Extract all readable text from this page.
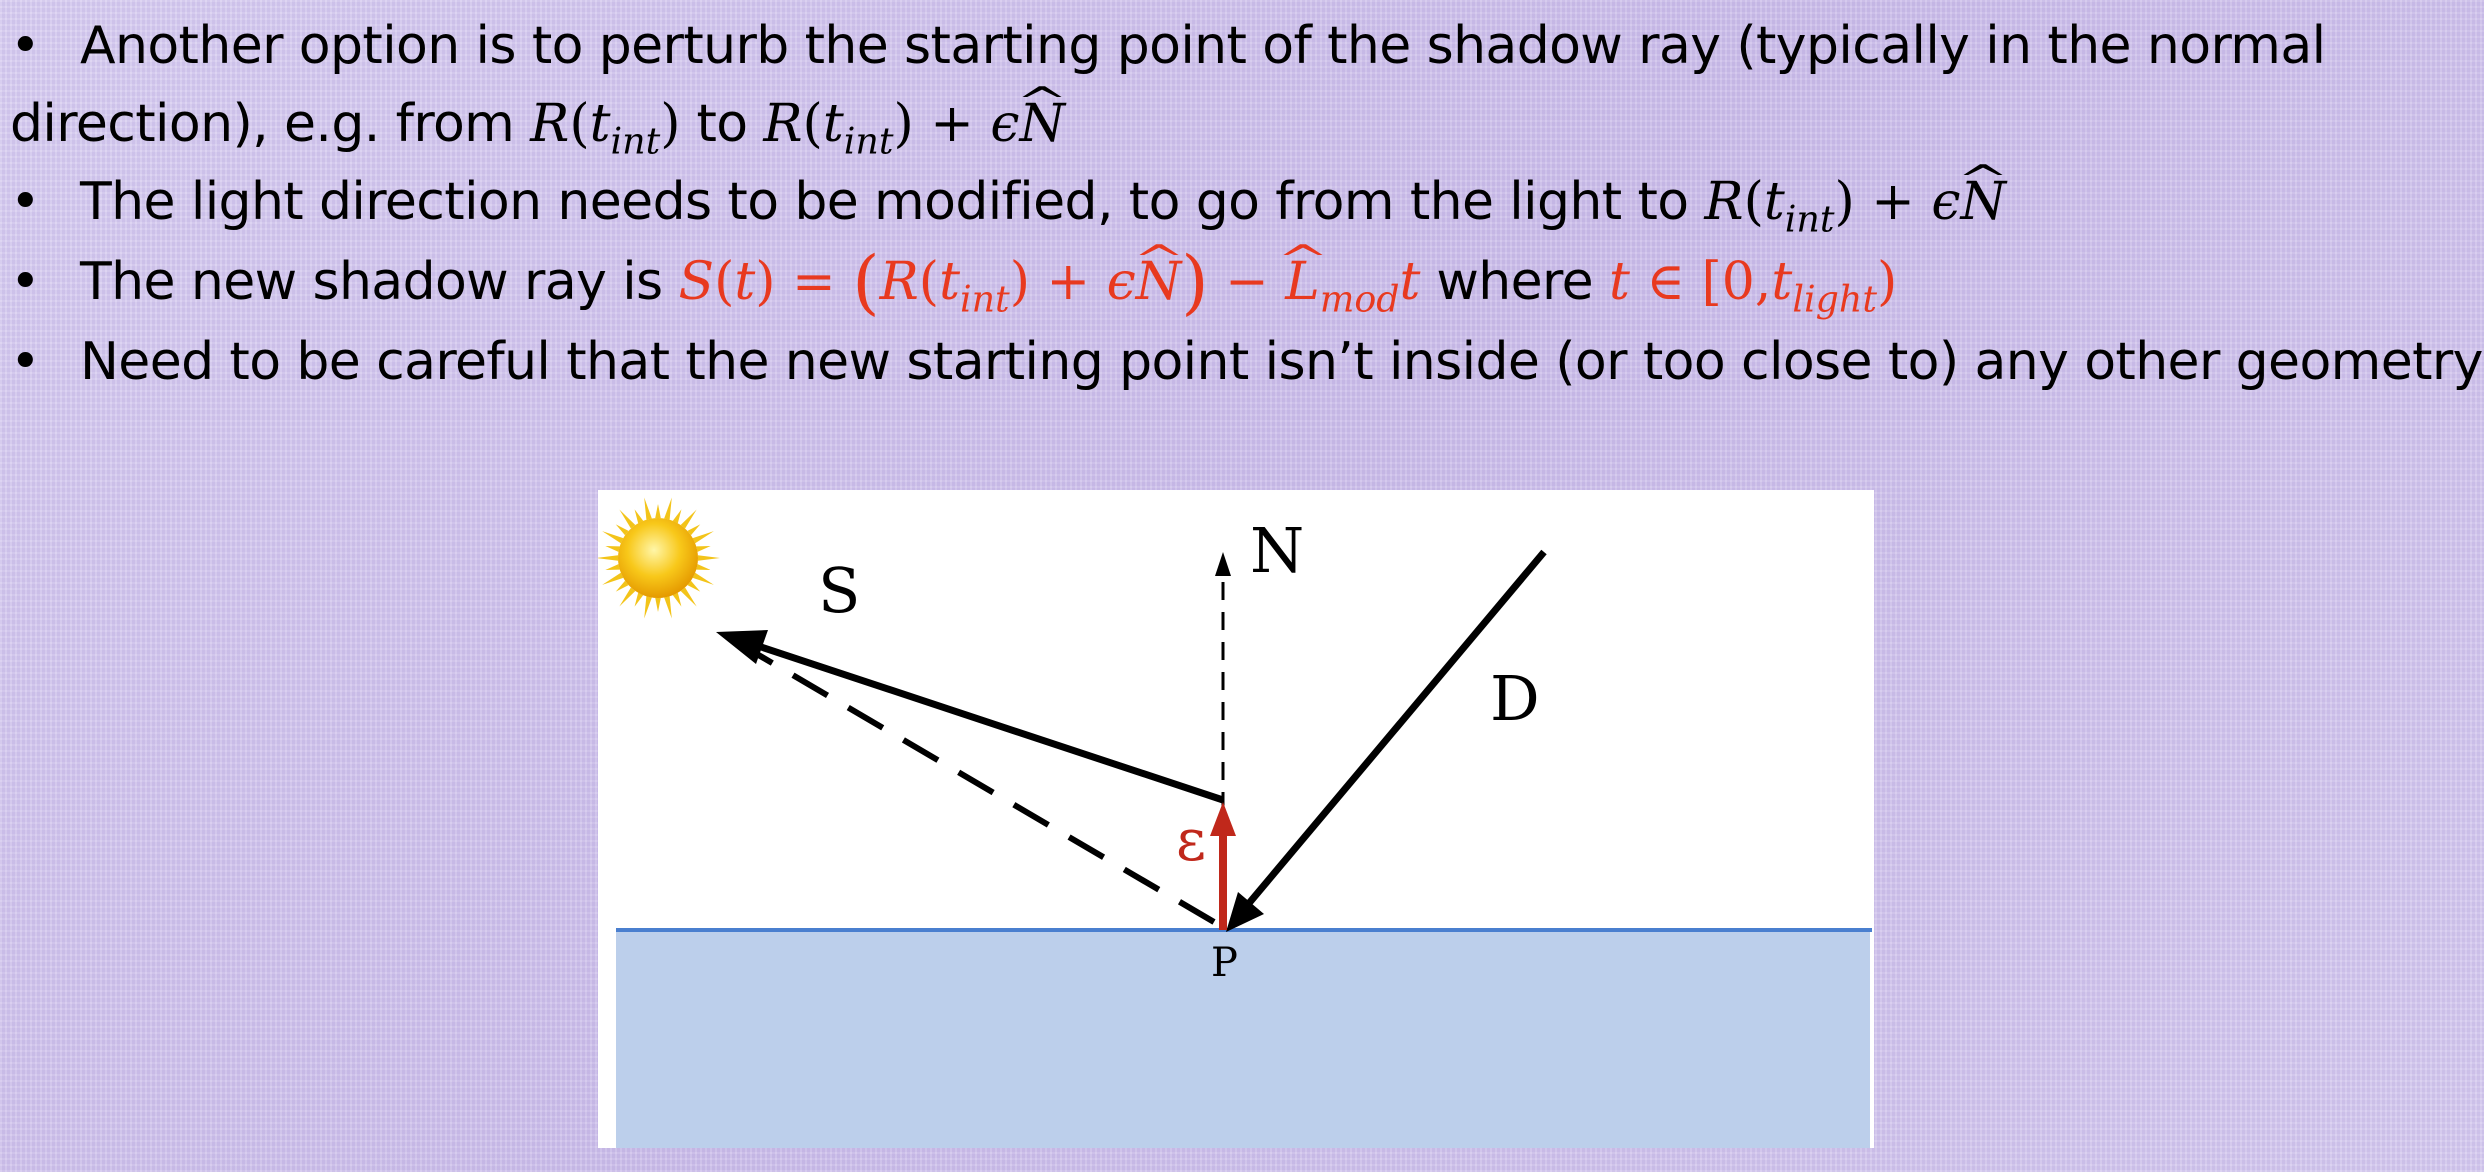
• Another option is to perturb the starting point of the shadow ray (typically in the normal
direction), e.g. from $R(t_{int})$ to $R(t_{int})$ + ϵ^ N
• The light direction needs to be modified, to go from the light to $R(t_{int})$ + ϵ^ N
• The new shadow ray is $S(t) = (R(t_{int})$ + ϵ^ N) − ^ $L_{mod}t$ where t ∈ $[0,t_{light})$
• Need to be careful that the new starting point isn’t inside (or too close to) any other geometry
S
N
D
ε
P
